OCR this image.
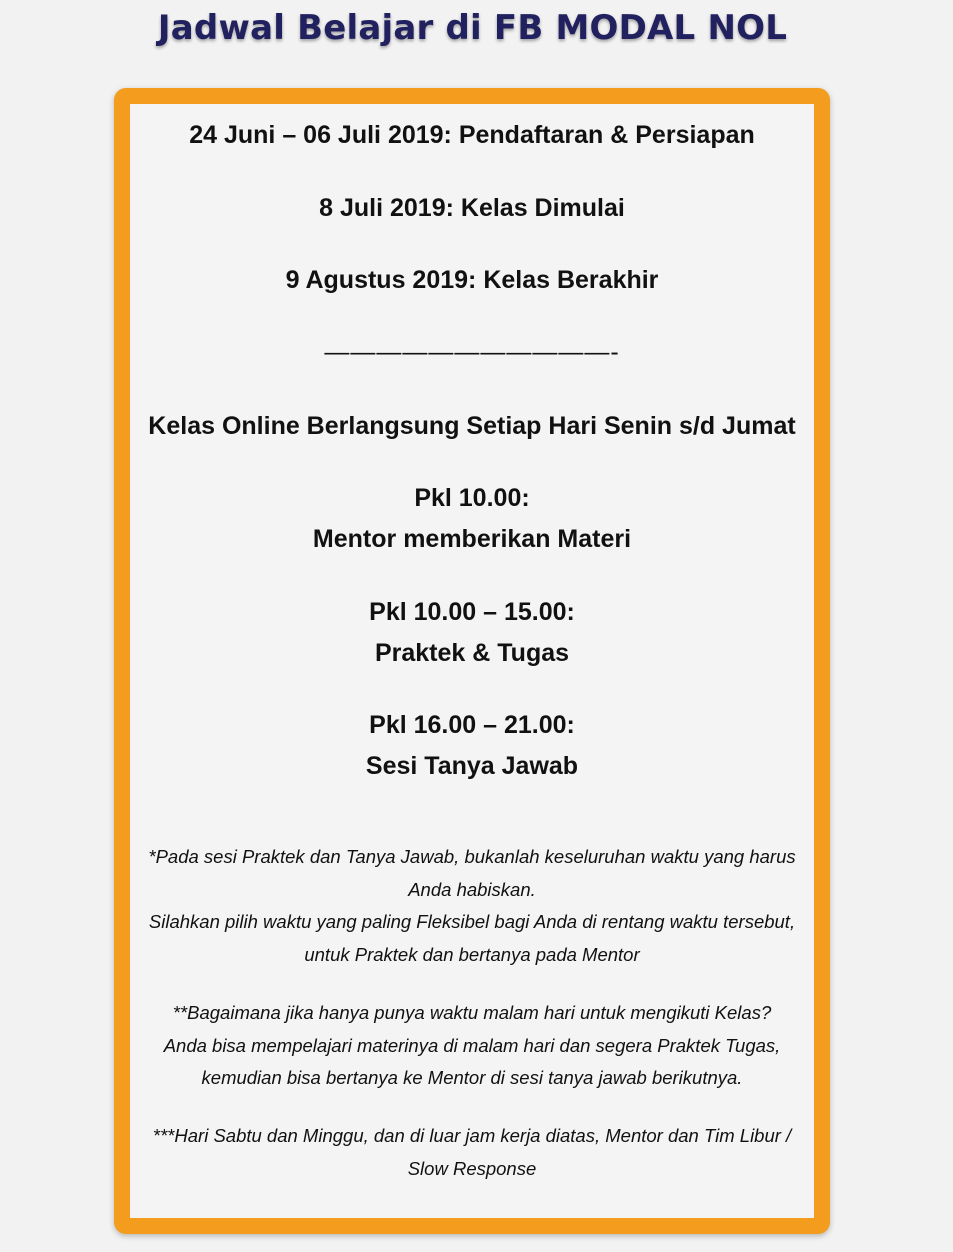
Jadwal Belajar di FB MODAL NOL
24 Juni – 06 Juli 2019: Pendaftaran & Persiapan
8 Juli 2019: Kelas Dimulai
9 Agustus 2019: Kelas Berakhir
———————————-
Kelas Online Berlangsung Setiap Hari Senin s/d Jumat
Pkl 10.00:
Mentor memberikan Materi
Pkl 10.00 – 15.00:
Praktek & Tugas
Pkl 16.00 – 21.00:
Sesi Tanya Jawab
*Pada sesi Praktek dan Tanya Jawab, bukanlah keseluruhan waktu yang harus
Anda habiskan.
Silahkan pilih waktu yang paling Fleksibel bagi Anda di rentang waktu tersebut,
untuk Praktek dan bertanya pada Mentor
**Bagaimana jika hanya punya waktu malam hari untuk mengikuti Kelas?
Anda bisa mempelajari materinya di malam hari dan segera Praktek Tugas,
kemudian bisa bertanya ke Mentor di sesi tanya jawab berikutnya.
***Hari Sabtu dan Minggu, dan di luar jam kerja diatas, Mentor dan Tim Libur /
Slow Response
